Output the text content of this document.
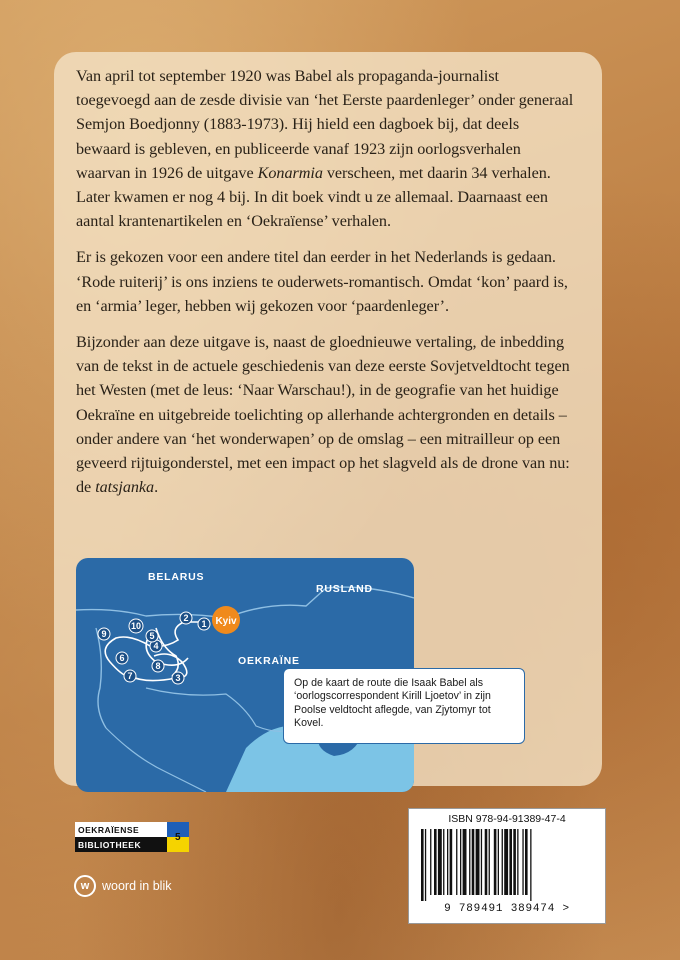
Van april tot september 1920 was Babel als propaganda-journalist toegevoegd aan de zesde divisie van ‘het Eerste paardenleger’ onder generaal Semjon Boedjonny (1883-1973). Hij hield een dagboek bij, dat deels bewaard is gebleven, en publiceerde vanaf 1923 zijn oorlogsverhalen waarvan in 1926 de uitgave Konarmia verscheen, met daarin 34 verhalen. Later kwamen er nog 4 bij. In dit boek vindt u ze allemaal. Daarnaast een aantal krantenartikelen en ‘Oekraïense’ verhalen.

Er is gekozen voor een andere titel dan eerder in het Nederlands is gedaan. ‘Rode ruiterij’ is ons inziens te ouderwets-romantisch. Omdat ‘kon’ paard is, en ‘armia’ leger, hebben wij gekozen voor ‘paardenleger’.

Bijzonder aan deze uitgave is, naast de gloednieuwe vertaling, de inbedding van de tekst in de actuele geschiedenis van deze eerste Sovjetveldtocht tegen het Westen (met de leus: ‘Naar Warschau!), in de geografie van het huidige Oekraïne en uitgebreide toelichting op allerhande achtergronden en details – onder andere van ‘het wonderwapen’ op de omslag – een mitrailleur op een geveerd rijtuigonderstel, met een impact op het slagveld als de drone van nu: de tatsjanka.

BELARUS
RUSLAND
OEKRAÏNE
Kyiv
1
2
3
4
5
6
7
8
9
10
Op de kaart de route die Isaak Babel als ‘oorlogscorrespondent Kirill Ljoetov’ in zijn Poolse veldtocht aflegde, van Zjytomyr tot Kovel.
OEKRAÏENSE
BIBLIOTHEEK
5
w	woord in blik
ISBN 978-94-91389-47-4
9 789491 389474 >
